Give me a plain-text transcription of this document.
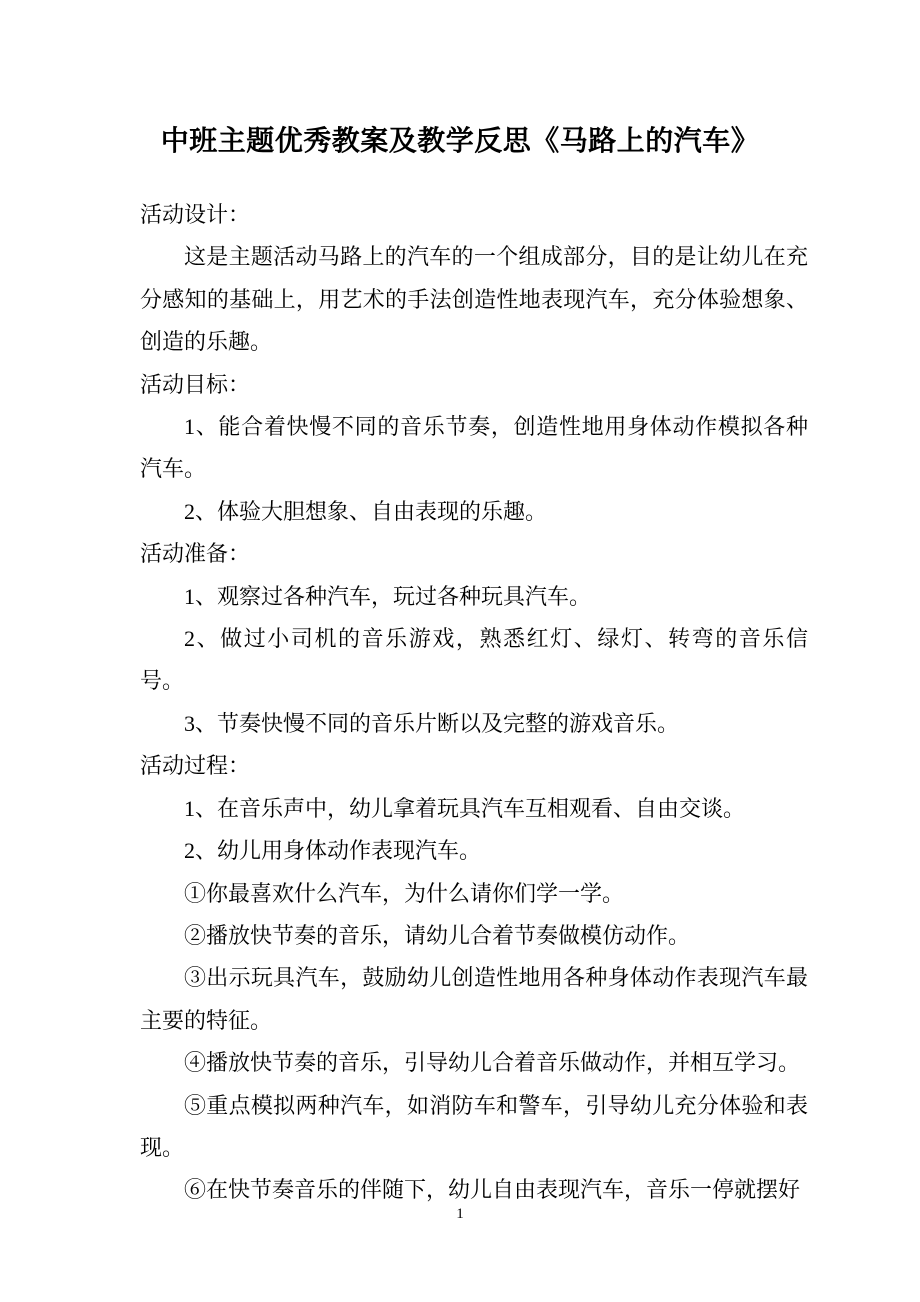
中班主题优秀教案及教学反思《马路上的汽车》

活动设计：

这是主题活动马路上的汽车的一个组成部分，目的是让幼儿在充分感知的基础上，用艺术的手法创造性地表现汽车，充分体验想象、创造的乐趣。

活动目标：

1、能合着快慢不同的音乐节奏，创造性地用身体动作模拟各种汽车。

2、体验大胆想象、自由表现的乐趣。

活动准备：

1、观察过各种汽车，玩过各种玩具汽车。

2、做过小司机的音乐游戏，熟悉红灯、绿灯、转弯的音乐信号。

3、节奏快慢不同的音乐片断以及完整的游戏音乐。

活动过程：

1、在音乐声中，幼儿拿着玩具汽车互相观看、自由交谈。

2、幼儿用身体动作表现汽车。

①你最喜欢什么汽车，为什么请你们学一学。

②播放快节奏的音乐，请幼儿合着节奏做模仿动作。

③出示玩具汽车，鼓励幼儿创造性地用各种身体动作表现汽车最主要的特征。

④播放快节奏的音乐，引导幼儿合着音乐做动作，并相互学习。

⑤重点模拟两种汽车，如消防车和警车，引导幼儿充分体验和表现。

⑥在快节奏音乐的伴随下，幼儿自由表现汽车，音乐一停就摆好

1
